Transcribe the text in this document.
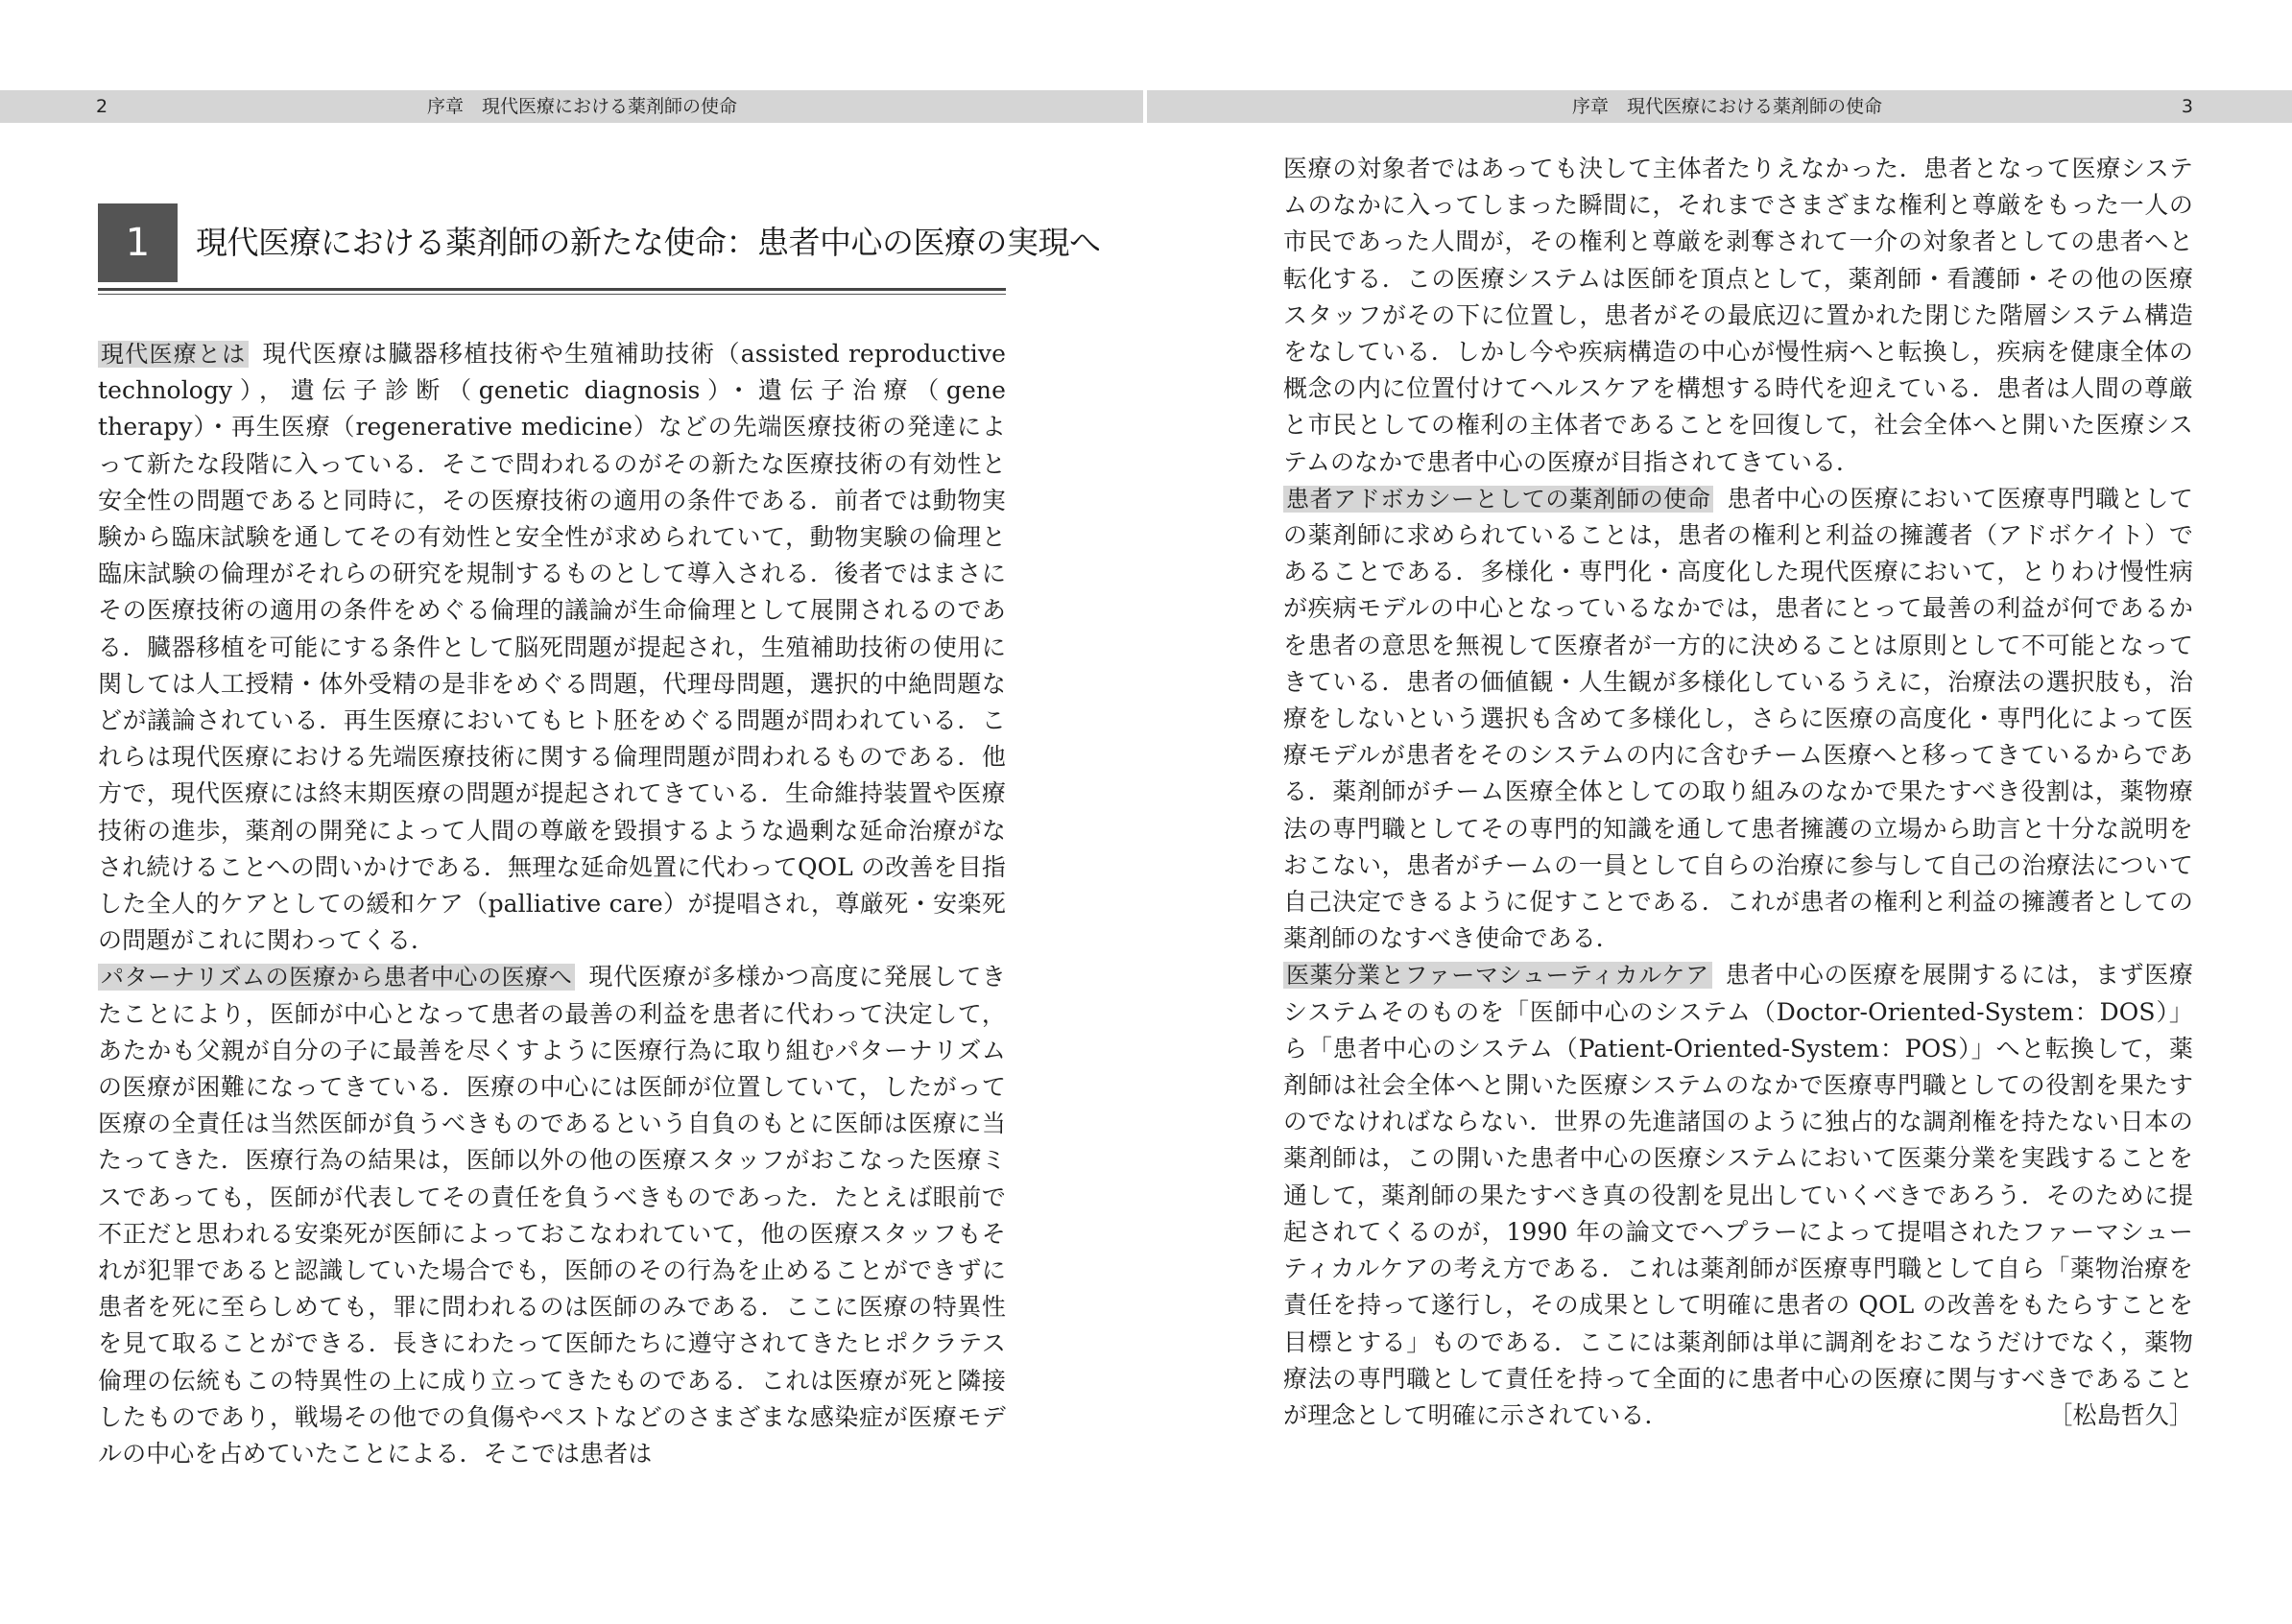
2	序章　現代医療における薬剤師の使命	序章　現代医療における薬剤師の使命	3
1	現代医療における薬剤師の新たな使命：患者中心の医療の実現へ

現代医療とは 現代医療は臓器移植技術や生殖補助技術（assisted reproductive technology），遺伝子診断（genetic diagnosis）・遺伝子治療（gene therapy）・再生医療（regenerative medicine）などの先端医療技術の発達によって新たな段階に入っている．そこで問われるのがその新たな医療技術の有効性と安全性の問題であると同時に，その医療技術の適用の条件である．前者では動物実験から臨床試験を通してその有効性と安全性が求められていて，動物実験の倫理と臨床試験の倫理がそれらの研究を規制するものとして導入される．後者ではまさにその医療技術の適用の条件をめぐる倫理的議論が生命倫理として展開されるのである．臓器移植を可能にする条件として脳死問題が提起され，生殖補助技術の使用に関しては人工授精・体外受精の是非をめぐる問題，代理母問題，選択的中絶問題などが議論されている．再生医療においてもヒト胚をめぐる問題が問われている．これらは現代医療における先端医療技術に関する倫理問題が問われるものである．他方で，現代医療には終末期医療の問題が提起されてきている．生命維持装置や医療技術の進歩，薬剤の開発によって人間の尊厳を毀損するような過剰な延命治療がなされ続けることへの問いかけである．無理な延命処置に代わってQOL の改善を目指した全人的ケアとしての緩和ケア（palliative care）が提唱され，尊厳死・安楽死の問題がこれに関わってくる．

パターナリズムの医療から患者中心の医療へ 現代医療が多様かつ高度に発展してきたことにより，医師が中心となって患者の最善の利益を患者に代わって決定して，あたかも父親が自分の子に最善を尽くすように医療行為に取り組むパターナリズムの医療が困難になってきている．医療の中心には医師が位置していて，したがって医療の全責任は当然医師が負うべきものであるという自負のもとに医師は医療に当たってきた．医療行為の結果は，医師以外の他の医療スタッフがおこなった医療ミスであっても，医師が代表してその責任を負うべきものであった．たとえば眼前で不正だと思われる安楽死が医師によっておこなわれていて，他の医療スタッフもそれが犯罪であると認識していた場合でも，医師のその行為を止めることができずに患者を死に至らしめても，罪に問われるのは医師のみである．ここに医療の特異性を見て取ることができる．長きにわたって医師たちに遵守されてきたヒポクラテス倫理の伝統もこの特異性の上に成り立ってきたものである．これは医療が死と隣接したものであり，戦場その他での負傷やペストなどのさまざまな感染症が医療モデルの中心を占めていたことによる．そこでは患者は

医療の対象者ではあっても決して主体者たりえなかった．患者となって医療システムのなかに入ってしまった瞬間に，それまでさまざまな権利と尊厳をもった一人の市民であった人間が，その権利と尊厳を剥奪されて一介の対象者としての患者へと転化する．この医療システムは医師を頂点として，薬剤師・看護師・その他の医療スタッフがその下に位置し，患者がその最底辺に置かれた閉じた階層システム構造をなしている．しかし今や疾病構造の中心が慢性病へと転換し，疾病を健康全体の概念の内に位置付けてヘルスケアを構想する時代を迎えている．患者は人間の尊厳と市民としての権利の主体者であることを回復して，社会全体へと開いた医療システムのなかで患者中心の医療が目指されてきている．

患者アドボカシーとしての薬剤師の使命 患者中心の医療において医療専門職としての薬剤師に求められていることは，患者の権利と利益の擁護者（アドボケイト）であることである．多様化・専門化・高度化した現代医療において，とりわけ慢性病が疾病モデルの中心となっているなかでは，患者にとって最善の利益が何であるかを患者の意思を無視して医療者が一方的に決めることは原則として不可能となってきている．患者の価値観・人生観が多様化しているうえに，治療法の選択肢も，治療をしないという選択も含めて多様化し，さらに医療の高度化・専門化によって医療モデルが患者をそのシステムの内に含むチーム医療へと移ってきているからである．薬剤師がチーム医療全体としての取り組みのなかで果たすべき役割は，薬物療法の専門職としてその専門的知識を通して患者擁護の立場から助言と十分な説明をおこない，患者がチームの一員として自らの治療に参与して自己の治療法について自己決定できるように促すことである．これが患者の権利と利益の擁護者としての薬剤師のなすべき使命である．

医薬分業とファーマシューティカルケア 患者中心の医療を展開するには，まず医療システムそのものを「医師中心のシステム（Doctor-Oriented-System：DOS）」ら「患者中心のシステム（Patient-Oriented-System：POS）」へと転換して，薬剤師は社会全体へと開いた医療システムのなかで医療専門職としての役割を果たすのでなければならない．世界の先進諸国のように独占的な調剤権を持たない日本の薬剤師は，この開いた患者中心の医療システムにおいて医薬分業を実践することを通して，薬剤師の果たすべき真の役割を見出していくべきであろう．そのために提起されてくるのが，1990 年の論文でヘプラーによって提唱されたファーマシューティカルケアの考え方である．これは薬剤師が医療専門職として自ら「薬物治療を責任を持って遂行し，その成果として明確に患者の QOL の改善をもたらすことを目標とする」ものである．ここには薬剤師は単に調剤をおこなうだけでなく，薬物療法の専門職として責任を持って全面的に患者中心の医療に関与すべきであることが理念として明確に示されている．	［松島哲久］
